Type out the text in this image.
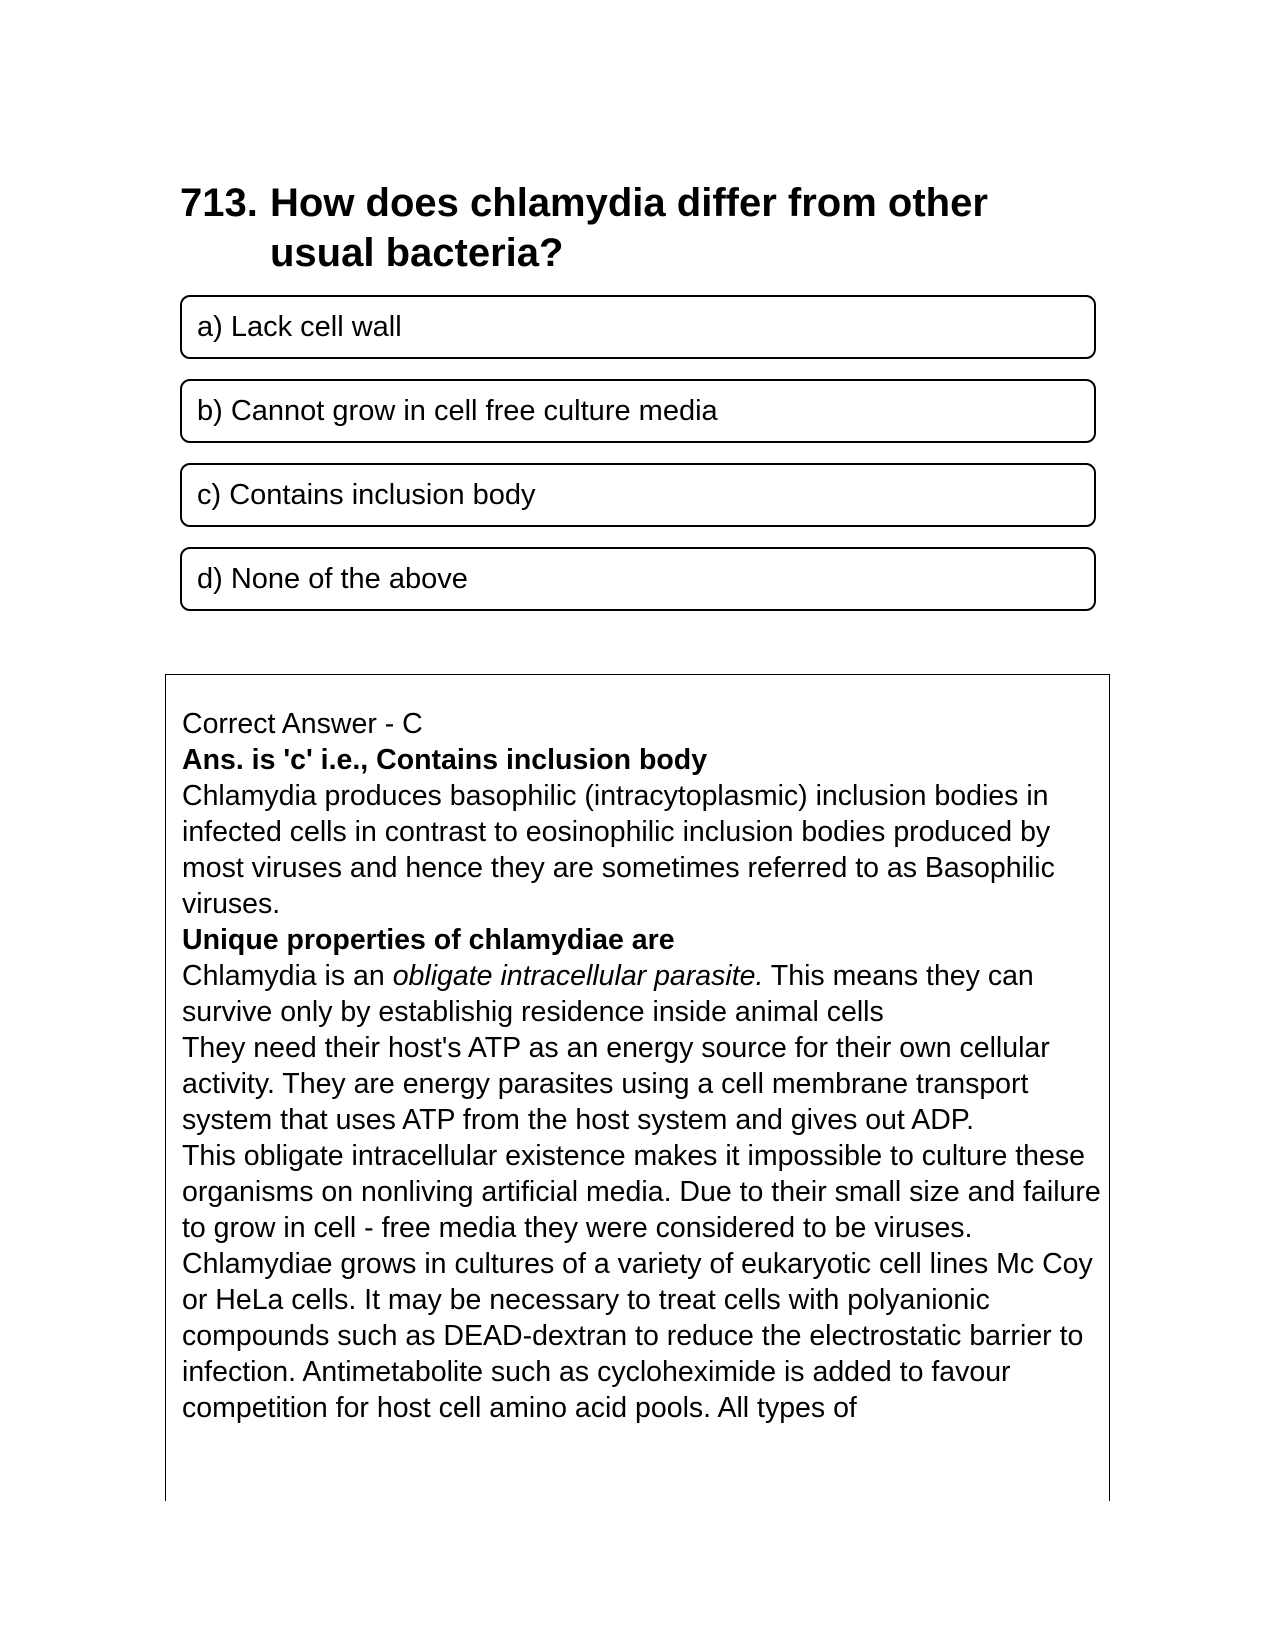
713. How does chlamydia differ from other usual bacteria?
a) Lack cell wall
b) Cannot grow in cell free culture media
c) Contains inclusion body
d) None of the above
Correct Answer - C
Ans. is 'c' i.e., Contains inclusion body
Chlamydia produces basophilic (intracytoplasmic) inclusion bodies in infected cells in contrast to eosinophilic inclusion bodies produced by most viruses and hence they are sometimes referred to as Basophilic viruses.
Unique properties of chlamydiae are
Chlamydia is an obligate intracellular parasite. This means they can survive only by establishig residence inside animal cells
They need their host's ATP as an energy source for their own cellular activity. They are energy parasites using a cell membrane transport system that uses ATP from the host system and gives out ADP.
This obligate intracellular existence makes it impossible to culture these organisms on nonliving artificial media. Due to their small size and failure to grow in cell - free media they were considered to be viruses.
Chlamydiae grows in cultures of a variety of eukaryotic cell lines Mc Coy or HeLa cells. It may be necessary to treat cells with polyanionic compounds such as DEAD-dextran to reduce the electrostatic barrier to infection. Antimetabolite such as cycloheximide is added to favour competition for host cell amino acid pools. All types of
